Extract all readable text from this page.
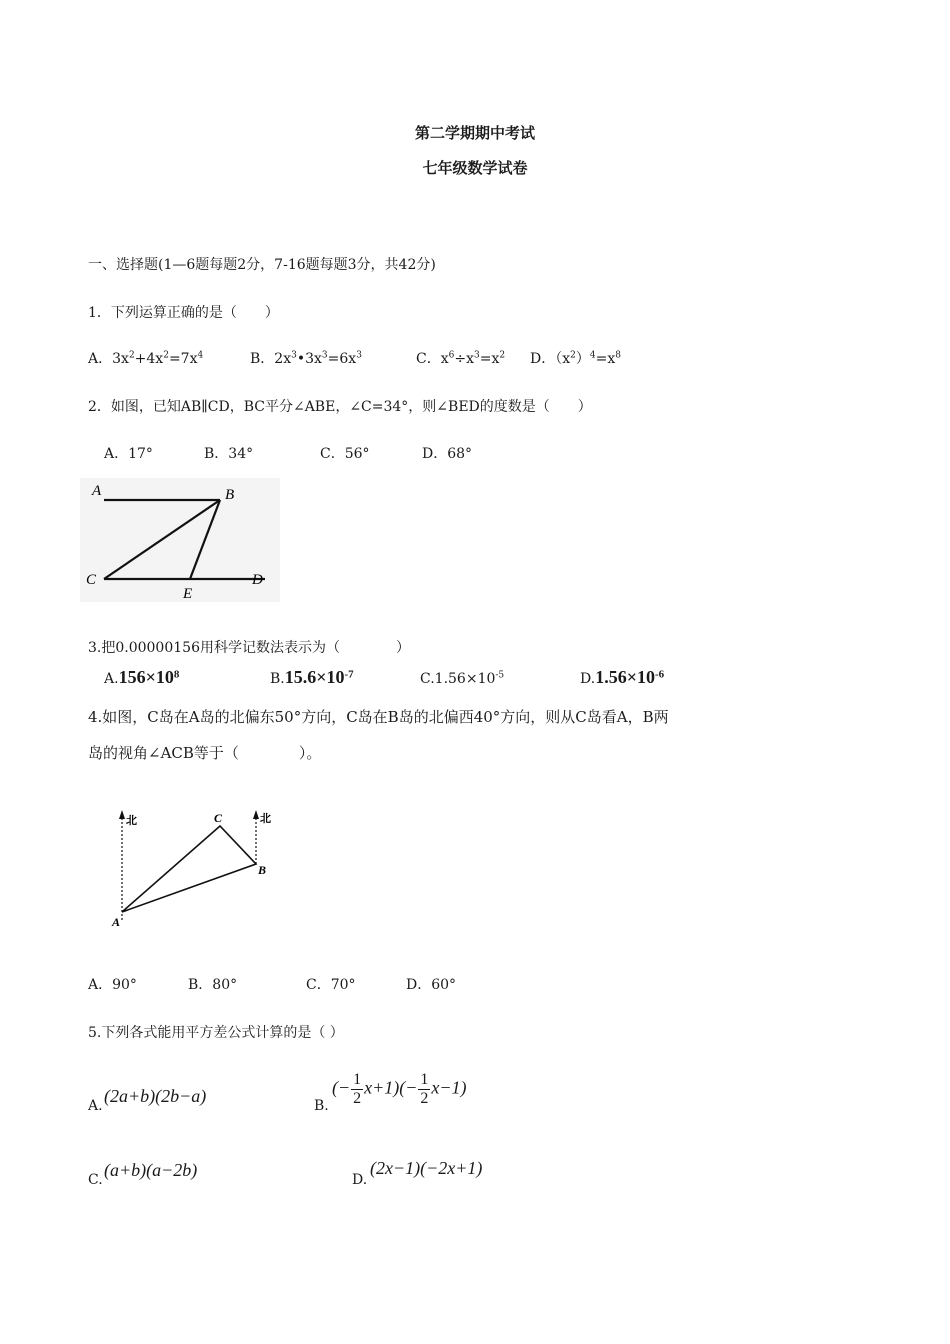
第二学期期中考试
七年级数学试卷
一、选择题(1—6题每题2分，7-16题每题3分，共42分)
1．下列运算正确的是（　　）
A．$3x^2+4x^2=7x^4$	B．$2x^3•3x^3=6x^3$	C．$x^6\div x^3=x^2$ D．$(x^2)^4=x^8$
2．如图，已知AB∥CD，BC平分∠ABE，∠C=34°，则∠BED的度数是（　　）
A．17°	B．34°	C．56°	D．68°
A	B
C	D
E
3.把0.00000156用科学记数法表示为（　　　　）
$A.156\times 10^8$	$B.15.6\times 10^{-7}$	$C.1.56\times 10^{-5}$	$D.1.56\times 10^{-6}$
4.如图，C岛在A岛的北偏东50°方向，C岛在B岛的北偏西40°方向，则从C岛看A，B两
岛的视角∠ACB等于（　　　　）。
北	北
C
B
A
A．90°	B．80°	C．70°	D．60°
5.下列各式能用平方差公式计算的是（ ）
A. (2a+b)(2b−a)	B.
(− $\frac{1}{2} x+1)(- \frac{1}{2} x-1)$
C. (a+b)(a−2b)	D.
(2x−1)(−2x+1)
